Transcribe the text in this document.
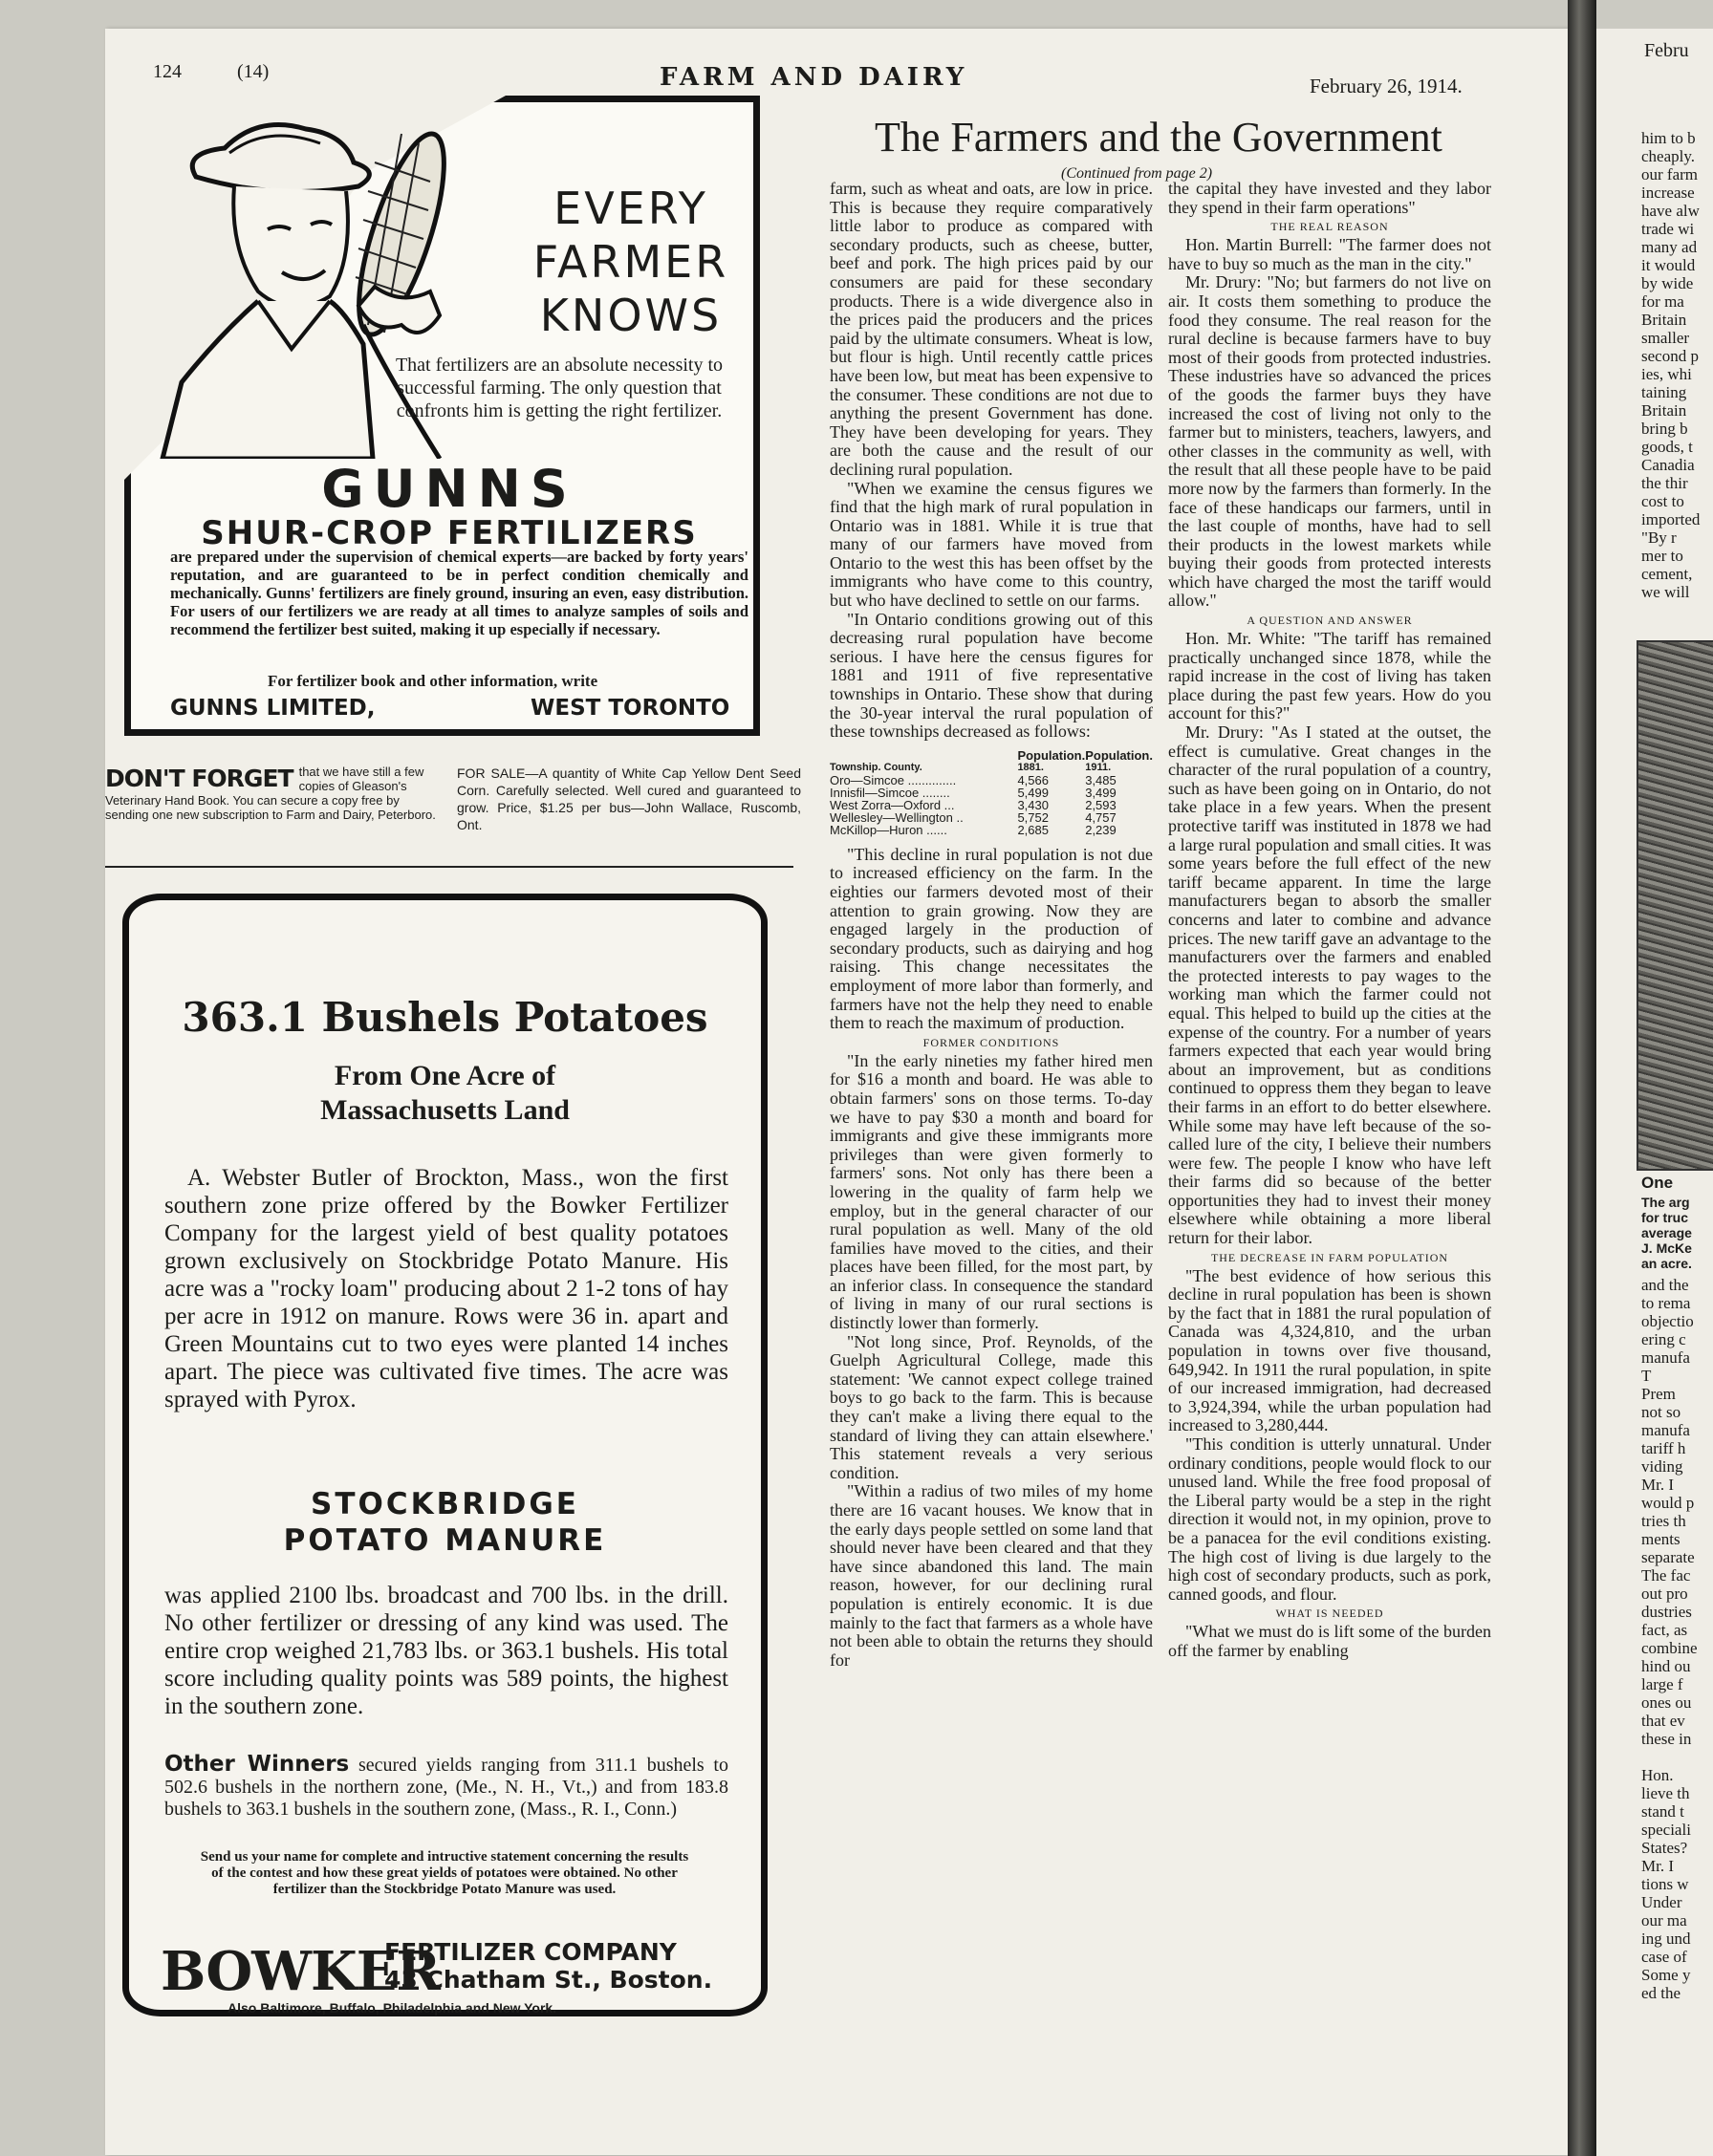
124	(14)	FARM AND DAIRY	February 26, 1914.
EVERY
FARMER
KNOWS
That fertilizers are an absolute necessity to successful farming. The only question that confronts him is getting the right fertilizer.
GUNNS
SHUR-CROP FERTILIZERS
are prepared under the supervision of chemical experts—are backed by forty years' reputation, and are guaranteed to be in perfect condition chemically and mechanically. Gunns' fertilizers are finely ground, insuring an even, easy distribution. For users of our fertilizers we are ready at all times to analyze samples of soils and recommend the fertilizer best suited, making it up especially if necessary.
For fertilizer book and other information, write
GUNNS LIMITED,	WEST TORONTO
DON'T FORGET that we have still a few copies of Gleason's Veterinary Hand Book. You can secure a copy free by sending one new subscription to Farm and Dairy, Peterboro.
FOR SALE—A quantity of White Cap Yellow Dent Seed Corn. Carefully selected. Well cured and guaranteed to grow. Price, $1.25 per bus—John Wallace, Ruscomb, Ont.
363.1 Bushels Potatoes
From One Acre of
Massachusetts Land
A. Webster Butler of Brockton, Mass., won the first southern zone prize offered by the Bowker Fertilizer Company for the largest yield of best quality potatoes grown exclusively on Stockbridge Potato Manure. His acre was a "rocky loam" producing about 2 1-2 tons of hay per acre in 1912 on manure. Rows were 36 in. apart and Green Mountains cut to two eyes were planted 14 inches apart. The piece was cultivated five times. The acre was sprayed with Pyrox.
STOCKBRIDGE
POTATO MANURE
was applied 2100 lbs. broadcast and 700 lbs. in the drill. No other fertilizer or dressing of any kind was used. The entire crop weighed 21,783 lbs. or 363.1 bushels. His total score including quality points was 589 points, the highest in the southern zone.
Other Winners secured yields ranging from 311.1 bushels to 502.6 bushels in the northern zone, (Me., N. H., Vt.,) and from 183.8 bushels to 363.1 bushels in the southern zone, (Mass., R. I., Conn.)
Send us your name for complete and intructive statement concerning the results of the contest and how these great yields of potatoes were obtained. No other fertilizer than the Stockbridge Potato Manure was used.
BOWKER
FERTILIZER COMPANY
43 Chatham St., Boston.
Also Baltimore, Buffalo, Philadelphia and New York.
The Farmers and the Government
(Continued from page 2)

farm, such as wheat and oats, are low in price. This is because they require comparatively little labor to produce as compared with secondary products, such as cheese, butter, beef and pork. The high prices paid by our consumers are paid for these secondary products. There is a wide divergence also in the prices paid the producers and the prices paid by the ultimate consumers. Wheat is low, but flour is high. Until recently cattle prices have been low, but meat has been expensive to the consumer. These conditions are not due to anything the present Government has done. They have been developing for years. They are both the cause and the result of our declining rural population.

"When we examine the census figures we find that the high mark of rural population in Ontario was in 1881. While it is true that many of our farmers have moved from Ontario to the west this has been offset by the immigrants who have come to this country, but who have declined to settle on our farms.

"In Ontario conditions growing out of this decreasing rural population have become serious. I have here the census figures for 1881 and 1911 of five representative townships in Ontario. These show that during the 30-year interval the rural population of these townships decreased as follows:

	Population.	Population.
Township. County.	1881.	1911.
Oro—Simcoe ..............	4,566	3,485
Innisfil—Simcoe ........	5,499	3,499
West Zorra—Oxford ...	3,430	2,593
Wellesley—Wellington ..	5,752	4,757
McKillop—Huron ......	2,685	2,239

"This decline in rural population is not due to increased efficiency on the farm. In the eighties our farmers devoted most of their attention to grain growing. Now they are engaged largely in the production of secondary products, such as dairying and hog raising. This change necessitates the employment of more labor than formerly, and farmers have not the help they need to enable them to reach the maximum of production.

FORMER CONDITIONS

"In the early nineties my father hired men for $16 a month and board. He was able to obtain farmers' sons on those terms. To-day we have to pay $30 a month and board for immigrants and give these immigrants more privileges than were given formerly to farmers' sons. Not only has there been a lowering in the quality of farm help we employ, but in the general character of our rural population as well. Many of the old families have moved to the cities, and their places have been filled, for the most part, by an inferior class. In consequence the standard of living in many of our rural sections is distinctly lower than formerly.

"Not long since, Prof. Reynolds, of the Guelph Agricultural College, made this statement: 'We cannot expect college trained boys to go back to the farm. This is because they can't make a living there equal to the standard of living they can attain elsewhere.' This statement reveals a very serious condition.

"Within a radius of two miles of my home there are 16 vacant houses. We know that in the early days people settled on some land that should never have been cleared and that they have since abandoned this land. The main reason, however, for our declining rural population is entirely economic. It is due mainly to the fact that farmers as a whole have not been able to obtain the returns they should for

the capital they have invested and they labor they spend in their farm operations"

THE REAL REASON

Hon. Martin Burrell: "The farmer does not have to buy so much as the man in the city."

Mr. Drury: "No; but farmers do not live on air. It costs them something to produce the food they consume. The real reason for the rural decline is because farmers have to buy most of their goods from protected industries. These industries have so advanced the prices of the goods the farmer buys they have increased the cost of living not only to the farmer but to ministers, teachers, lawyers, and other classes in the community as well, with the result that all these people have to be paid more now by the farmers than formerly. In the face of these handicaps our farmers, until in the last couple of months, have had to sell their products in the lowest markets while buying their goods from protected interests which have charged the most the tariff would allow."

A QUESTION AND ANSWER

Hon. Mr. White: "The tariff has remained practically unchanged since 1878, while the rapid increase in the cost of living has taken place during the past few years. How do you account for this?"

Mr. Drury: "As I stated at the outset, the effect is cumulative. Great changes in the character of the rural population of a country, such as have been going on in Ontario, do not take place in a few years. When the present protective tariff was instituted in 1878 we had a large rural population and small cities. It was some years before the full effect of the new tariff became apparent. In time the large manufacturers began to absorb the smaller concerns and later to combine and advance prices. The new tariff gave an advantage to the manufacturers over the farmers and enabled the protected interests to pay wages to the working man which the farmer could not equal. This helped to build up the cities at the expense of the country. For a number of years farmers expected that each year would bring about an improvement, but as conditions continued to oppress them they began to leave their farms in an effort to do better elsewhere. While some may have left because of the so-called lure of the city, I believe their numbers were few. The people I know who have left their farms did so because of the better opportunities they had to invest their money elsewhere while obtaining a more liberal return for their labor.

THE DECREASE IN FARM POPULATION

"The best evidence of how serious this decline in rural population has been is shown by the fact that in 1881 the rural population of Canada was 4,324,810, and the urban population in towns over five thousand, 649,942. In 1911 the rural population, in spite of our increased immigration, had decreased to 3,924,394, while the urban population had increased to 3,280,444.

"This condition is utterly unnatural. Under ordinary conditions, people would flock to our unused land. While the free food proposal of the Liberal party would be a step in the right direction it would not, in my opinion, prove to be a panacea for the evil conditions existing. The high cost of living is due largely to the high cost of secondary products, such as pork, canned goods, and flour.

WHAT IS NEEDED

"What we must do is lift some of the burden off the farmer by enabling

Febru
him to b
cheaply.
our farm
increase
have alw
trade wi
many ad
it would
by wide
for ma
Britain
smaller
second p
ies, whi
taining
Britain
bring b
goods, t
Canadia
the thir
cost to
imported
"By r
mer to
cement,
we will
One
The arg
for truc
average
J. McKe
an acre.
and the
to rema
objectio
ering c
manufa
T
Prem
not so
manufa
tariff h
viding
Mr. I
would p
tries th
ments
separate
The fac
out pro
dustries
fact, as
combine
hind ou
large f
ones ou
that ev
these in

Hon.
lieve th
stand t
speciali
States?
Mr. I
tions w
Under
our ma
ing und
case of
Some y
ed the
